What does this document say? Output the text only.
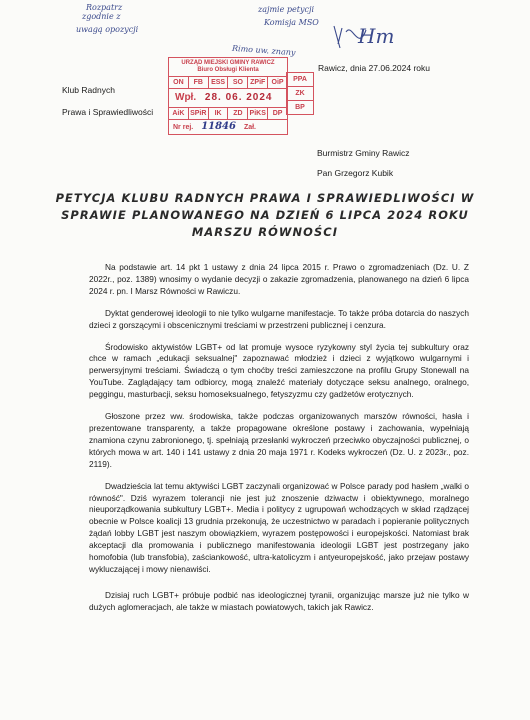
Rozpatrz
zgodnie z
uwagą opozycji
zajmie petycji
Komisja MSO
Rimo uw. znany
Hm
Klub Radnych
Prawa i Sprawiedliwości
Rawicz, dnia 27.06.2024 roku
Burmistrz Gminy Rawicz
Pan Grzegorz Kubik
URZĄD MIEJSKI GMINY RAWICZ
Biuro Obsługi Klienta
ON	FB	ESS	SO	ZPiF OiP
Wpł. 28. 06. 2024
AiK SPiR	IK	ZD PiKS DP
Nr rej. 11846 Zał.
PPA
ZK
BP
PETYCJA KLUBU RADNYCH PRAWA I SPRAWIEDLIWOŚCI W SPRAWIE PLANOWANEGO NA DZIEŃ 6 LIPCA 2024 ROKU MARSZU RÓWNOŚCI

Na podstawie art. 14 pkt 1 ustawy z dnia 24 lipca 2015 r. Prawo o zgromadzeniach (Dz. U. Z 2022r., poz. 1389) wnosimy o wydanie decyzji o zakazie zgromadzenia, planowanego na dzień 6 lipca 2024 r. pn. I Marsz Równości w Rawiczu.

Dyktat genderowej ideologii to nie tylko wulgarne manifestacje. To także próba dotarcia do naszych dzieci z gorszącymi i obscenicznymi treściami w przestrzeni publicznej i cenzura.

Środowisko aktywistów LGBT+ od lat promuje wysoce ryzykowny styl życia tej subkultury oraz chce w ramach „edukacji seksualnej" zapoznawać młodzież i dzieci z wyjątkowo wulgarnymi i perwersyjnymi treściami. Świadczą o tym choćby treści zamieszczone na profilu Grupy Stonewall na YouTube. Zaglądający tam odbiorcy, mogą znaleźć materiały dotyczące seksu analnego, oralnego, peggingu, masturbacji, seksu homoseksualnego, fetyszyzmu czy gadżetów erotycznych.

Głoszone przez ww. środowiska, także podczas organizowanych marszów równości, hasła i prezentowane transparenty, a także propagowane określone postawy i zachowania, wypełniają znamiona czynu zabronionego, tj. spełniają przesłanki wykroczeń przeciwko obyczajności publicznej, o których mowa w art. 140 i 141 ustawy z dnia 20 maja 1971 r. Kodeks wykroczeń (Dz. U. z 2023r., poz. 2119).

Dwadzieścia lat temu aktywiści LGBT zaczynali organizować w Polsce parady pod hasłem „walki o równość". Dziś wyrazem tolerancji nie jest już znoszenie dziwactw i obiektywnego, moralnego nieuporządkowania subkultury LGBT+. Media i politycy z ugrupowań wchodzących w skład rządzącej obecnie w Polsce koalicji 13 grudnia przekonują, że uczestnictwo w paradach i popieranie politycznych żądań lobby LGBT jest naszym obowiązkiem, wyrazem postępowości i europejskości. Natomiast brak akceptacji dla promowania i publicznego manifestowania ideologii LGBT jest postrzegany jako homofobia (lub transfobia), zaściankowość, ultra-katolicyzm i antyeuropejskość, jako przejaw postawy wykluczającej i mowy nienawiści.

Dzisiaj ruch LGBT+ próbuje podbić nas ideologicznej tyranii, organizując marsze już nie tylko w dużych aglomeracjach, ale także w miastach powiatowych, takich jak Rawicz.
